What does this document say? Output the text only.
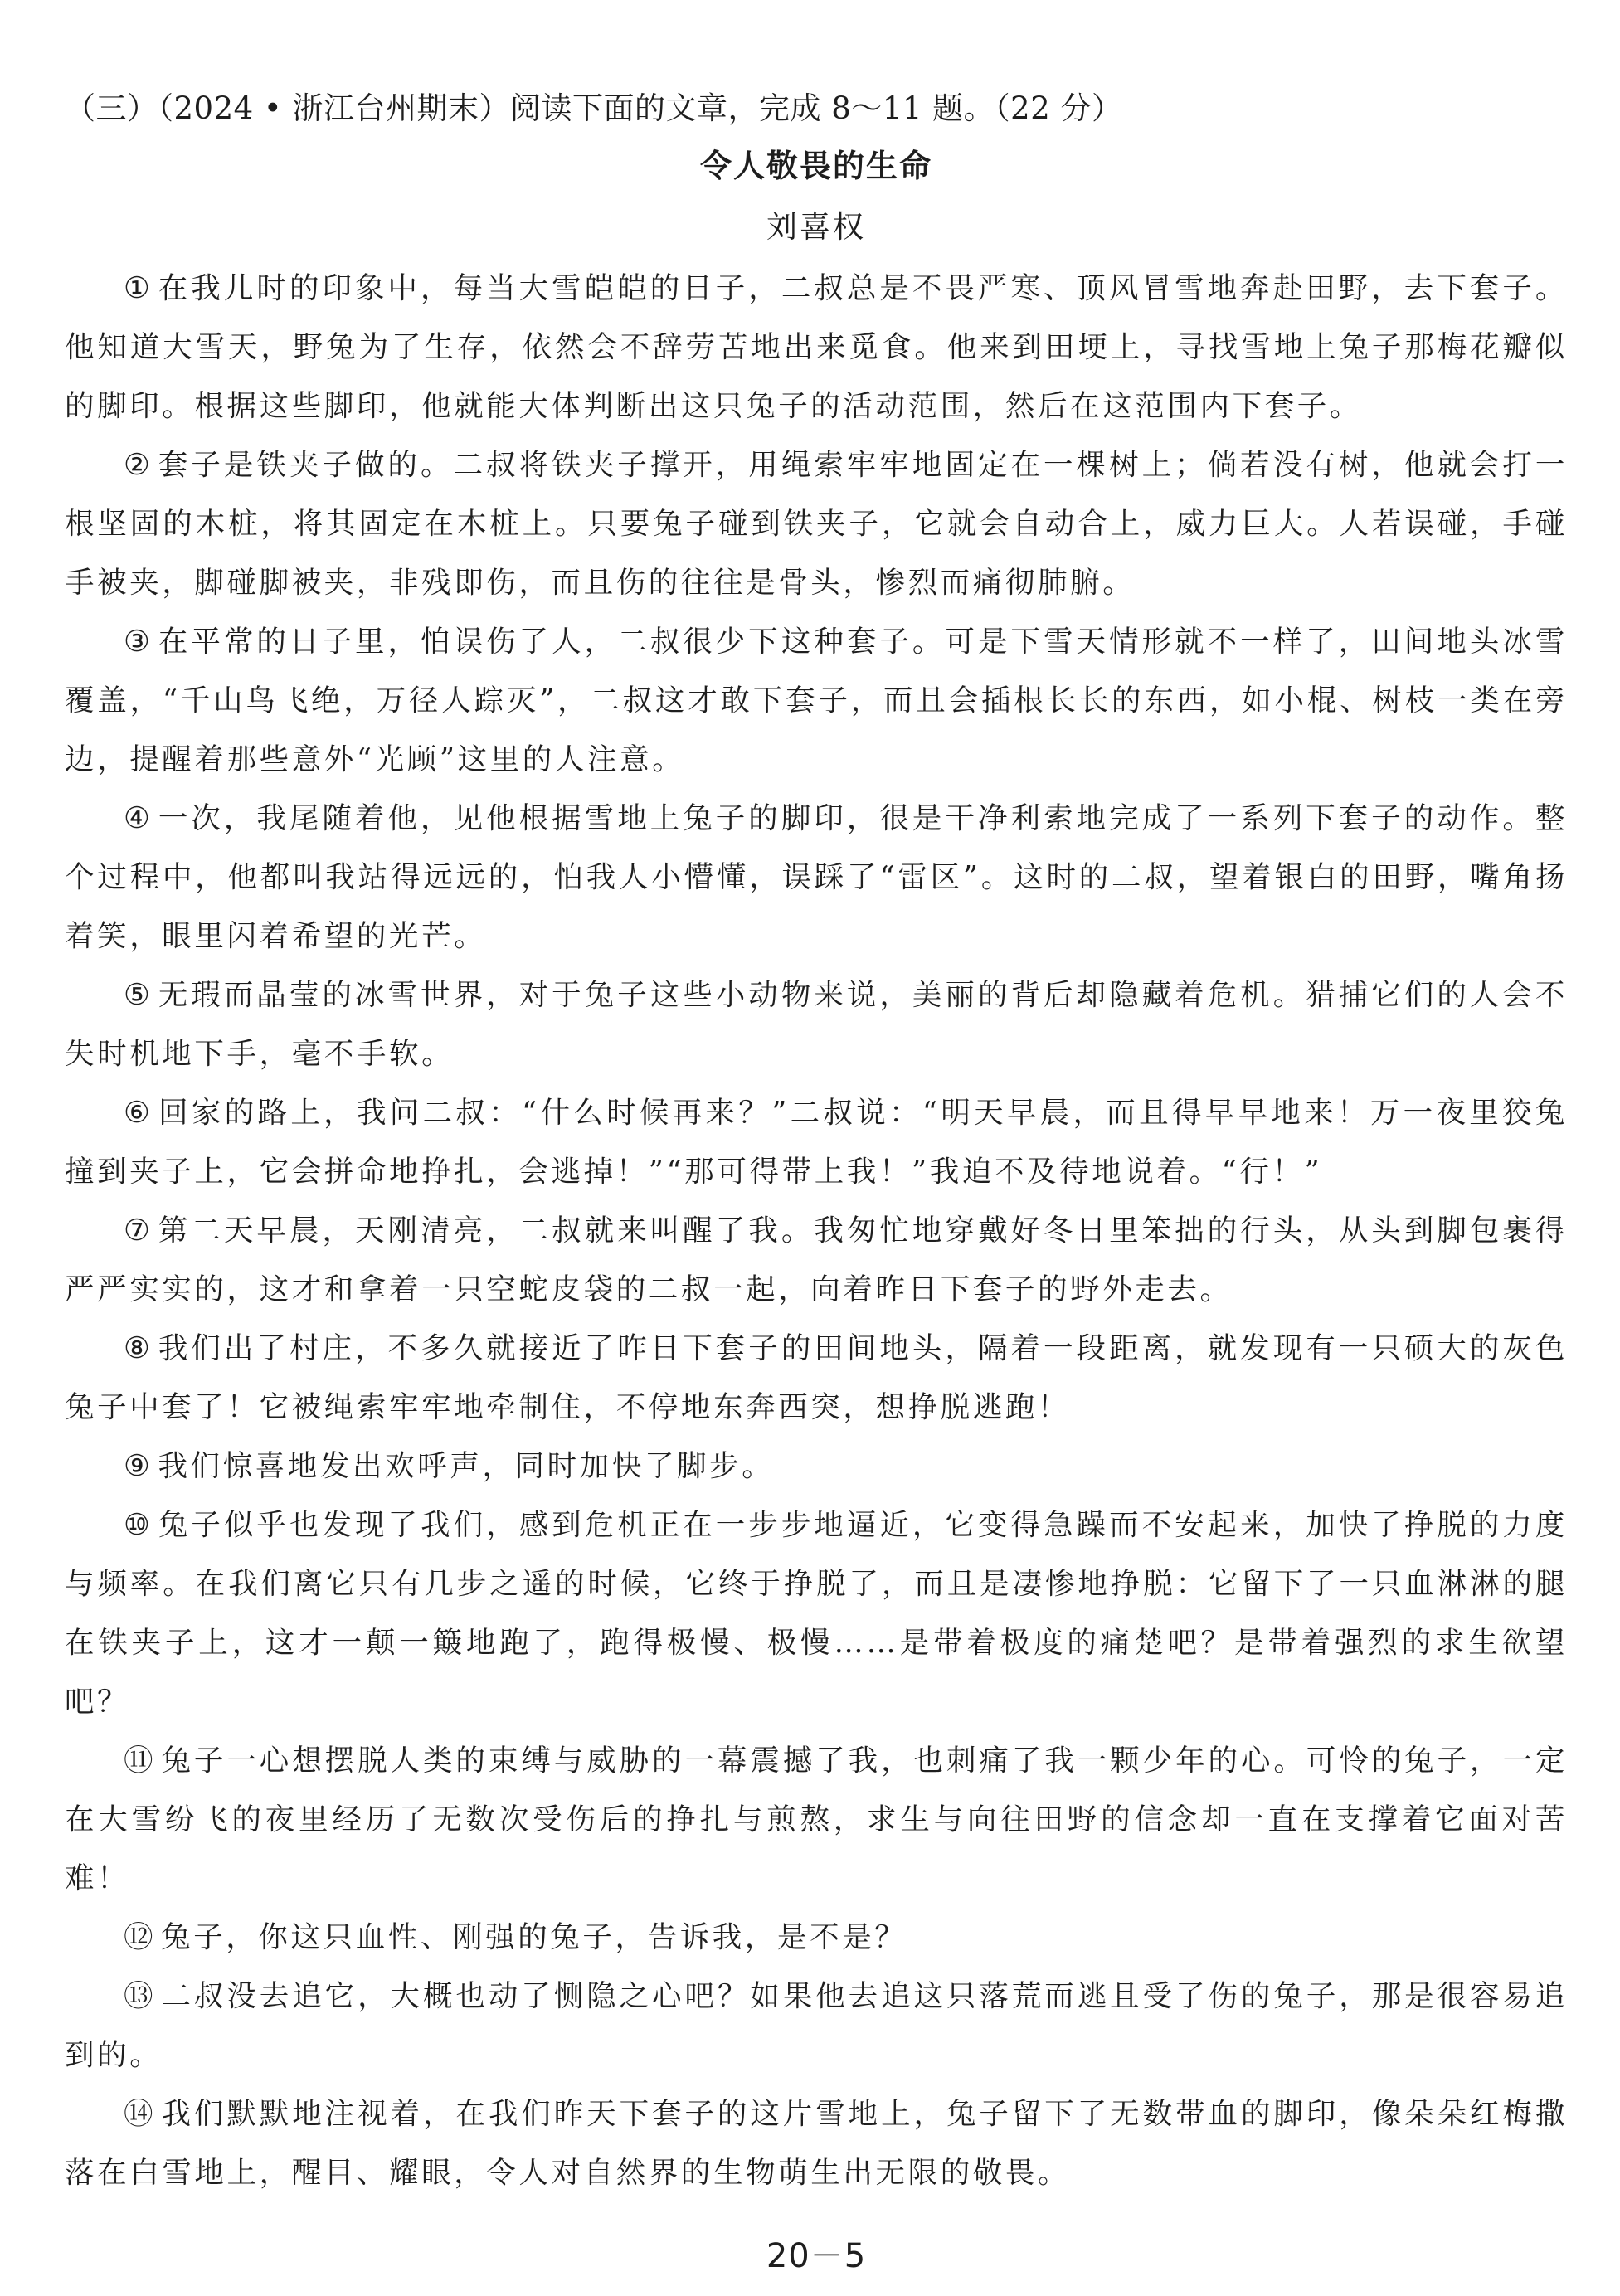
（三）（2024 • 浙江台州期末）阅读下面的文章，完成 8～11 题。（22 分）
令人敬畏的生命
刘喜权

① 在我儿时的印象中，每当大雪皑皑的日子，二叔总是不畏严寒、顶风冒雪地奔赴田野，去下套子。他知道大雪天，野兔为了生存，依然会不辞劳苦地出来觅食。他来到田埂上，寻找雪地上兔子那梅花瓣似的脚印。根据这些脚印，他就能大体判断出这只兔子的活动范围，然后在这范围内下套子。

② 套子是铁夹子做的。二叔将铁夹子撑开，用绳索牢牢地固定在一棵树上；倘若没有树，他就会打一根坚固的木桩，将其固定在木桩上。只要兔子碰到铁夹子，它就会自动合上，威力巨大。人若误碰，手碰手被夹，脚碰脚被夹，非残即伤，而且伤的往往是骨头，惨烈而痛彻肺腑。

③ 在平常的日子里，怕误伤了人，二叔很少下这种套子。可是下雪天情形就不一样了，田间地头冰雪覆盖，“千山鸟飞绝，万径人踪灭”，二叔这才敢下套子，而且会插根长长的东西，如小棍、树枝一类在旁边，提醒着那些意外“光顾”这里的人注意。

④ 一次，我尾随着他，见他根据雪地上兔子的脚印，很是干净利索地完成了一系列下套子的动作。整个过程中，他都叫我站得远远的，怕我人小懵懂，误踩了“雷区”。这时的二叔，望着银白的田野，嘴角扬着笑，眼里闪着希望的光芒。

⑤ 无瑕而晶莹的冰雪世界，对于兔子这些小动物来说，美丽的背后却隐藏着危机。猎捕它们的人会不失时机地下手，毫不手软。

⑥ 回家的路上，我问二叔：“什么时候再来？”二叔说：“明天早晨，而且得早早地来！万一夜里狡兔撞到夹子上，它会拼命地挣扎，会逃掉！”“那可得带上我！”我迫不及待地说着。“行！”

⑦ 第二天早晨，天刚清亮，二叔就来叫醒了我。我匆忙地穿戴好冬日里笨拙的行头，从头到脚包裹得严严实实的，这才和拿着一只空蛇皮袋的二叔一起，向着昨日下套子的野外走去。

⑧ 我们出了村庄，不多久就接近了昨日下套子的田间地头，隔着一段距离，就发现有一只硕大的灰色兔子中套了！它被绳索牢牢地牵制住，不停地东奔西突，想挣脱逃跑！

⑨ 我们惊喜地发出欢呼声，同时加快了脚步。

⑩ 兔子似乎也发现了我们，感到危机正在一步步地逼近，它变得急躁而不安起来，加快了挣脱的力度与频率。在我们离它只有几步之遥的时候，它终于挣脱了，而且是凄惨地挣脱：它留下了一只血淋淋的腿在铁夹子上，这才一颠一簸地跑了，跑得极慢、极慢……是带着极度的痛楚吧？是带着强烈的求生欲望吧？

⑪ 兔子一心想摆脱人类的束缚与威胁的一幕震撼了我，也刺痛了我一颗少年的心。可怜的兔子，一定在大雪纷飞的夜里经历了无数次受伤后的挣扎与煎熬，求生与向往田野的信念却一直在支撑着它面对苦难！

⑫ 兔子，你这只血性、刚强的兔子，告诉我，是不是？

⑬ 二叔没去追它，大概也动了恻隐之心吧？如果他去追这只落荒而逃且受了伤的兔子，那是很容易追到的。

⑭ 我们默默地注视着，在我们昨天下套子的这片雪地上，兔子留下了无数带血的脚印，像朵朵红梅撒落在白雪地上，醒目、耀眼，令人对自然界的生物萌生出无限的敬畏。

20－5
